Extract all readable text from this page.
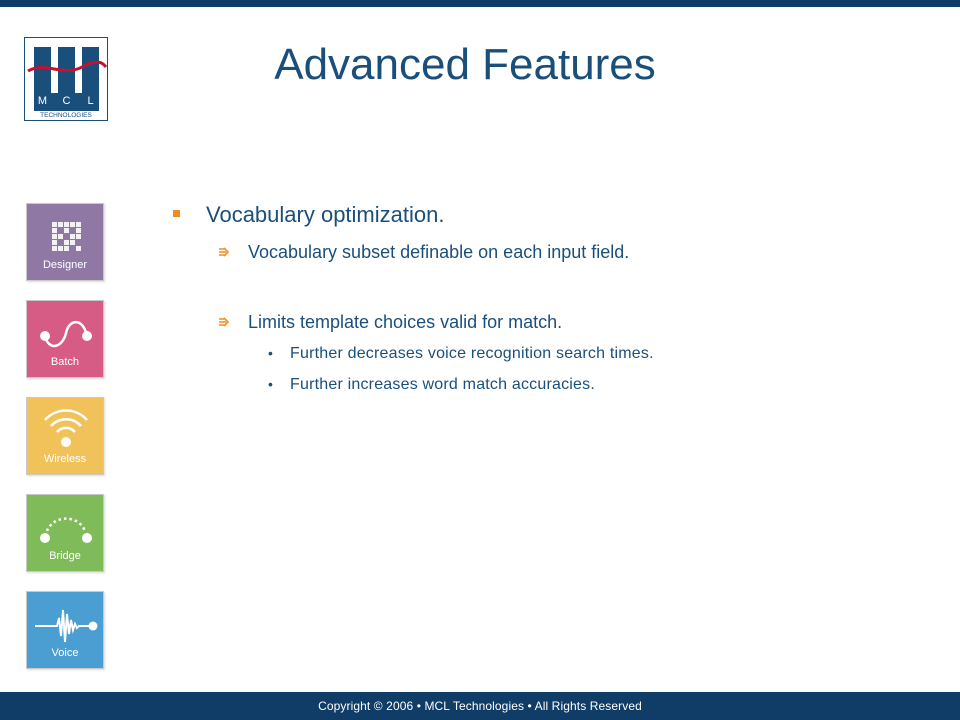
M C L
TECHNOLOGIES
Advanced Features
Designer
Batch
Wireless
Bridge
Voice
Vocabulary optimization.
Vocabulary subset definable on each input field.
Limits template choices valid for match.
• Further decreases voice recognition search times.
• Further increases word match accuracies.
Copyright © 2006 • MCL Technologies • All Rights Reserved
